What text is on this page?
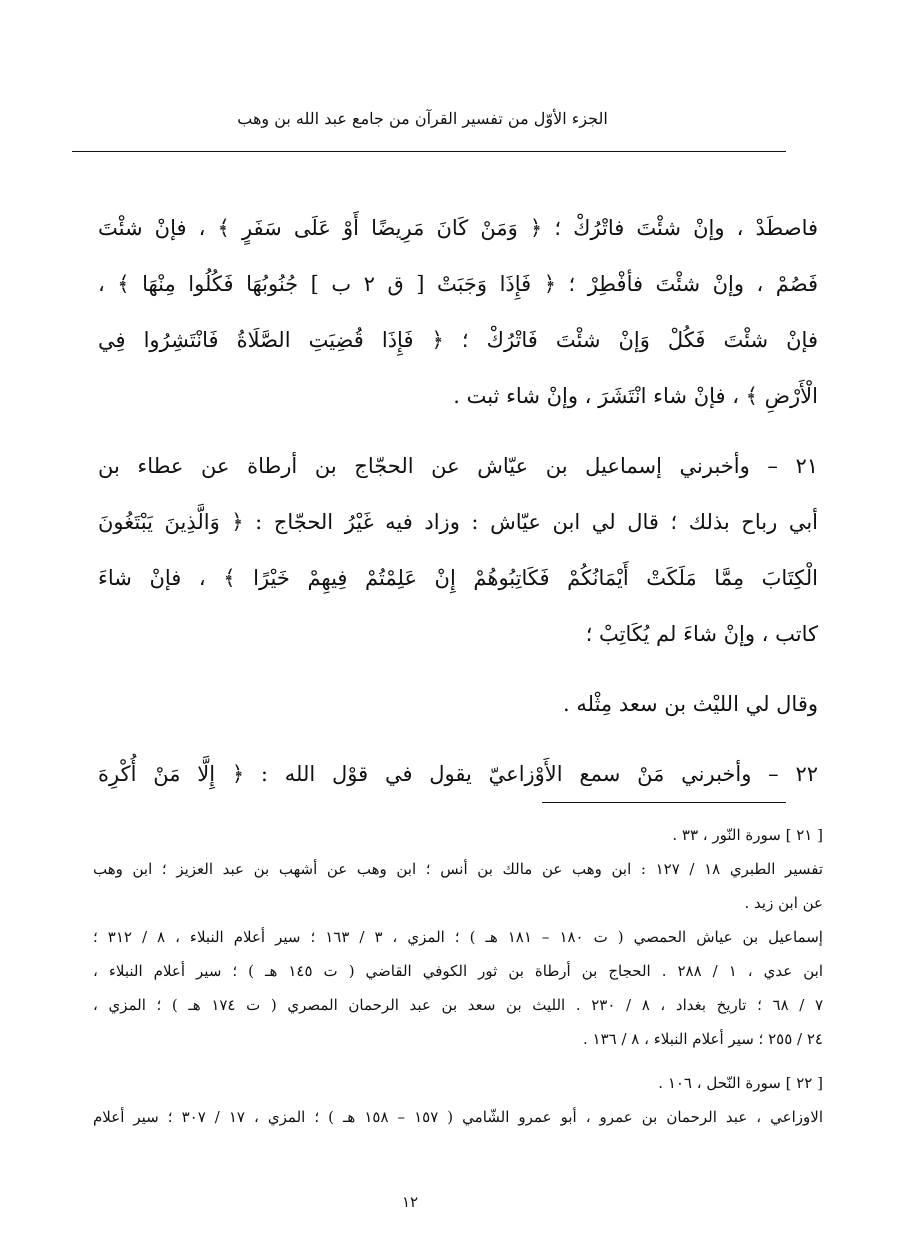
الجزء الأوّل من تفسير القرآن من جامع عبد الله بن وهب
فاصطَدْ ، وإنْ شئْتَ فاتْرُكْ ؛ ﴿ وَمَنْ كَانَ مَرِيضًا أَوْ عَلَى سَفَرٍ ﴾ ، فإنْ شئْتَ
فَصُمْ ، وإنْ شئْتَ فأفْطِرْ ؛ ﴿ فَإِذَا وَجَبَتْ [ ق ٢ ب ] جُنُوبُهَا فَكُلُوا مِنْهَا ﴾ ،
فإنْ شئْتَ فَكُلْ وَإنْ شئْتَ فَاتْرُكْ ؛ ﴿ فَإِذَا قُضِيَتِ الصَّلَاةُ فَانْتَشِرُوا فِي
الْأَرْضِ ﴾ ، فإنْ شاء انْتَشَرَ ، وإنْ شاء ثبت .
٢١ – وأخبرني إسماعيل بن عيّاش عن الحجّاج بن أرطاة عن عطاء بن
أبي رباح بذلك ؛ قال لي ابن عيّاش : وزاد فيه غَيْرُ الحجّاج : ﴿ وَالَّذِينَ يَبْتَغُونَ
الْكِتَابَ مِمَّا مَلَكَتْ أَيْمَانُكُمْ فَكَاتِبُوهُمْ إِنْ عَلِمْتُمْ فِيهِمْ خَيْرًا ﴾ ، فإنْ شاءَ
كاتب ، وإنْ شاءَ لم يُكَاتِبْ ؛
وقال لي الليْث بن سعد مِثْله .
٢٢ – وأخبرني مَنْ سمع الأَوْزاعيّ يقول في قوْل الله : ﴿ إِلَّا مَنْ أُكْرِهَ
[ ٢١ ] سورة النّور ، ٣٣ .
تفسير الطبري ١٨ / ١٢٧ : ابن وهب عن مالك بن أنس ؛ ابن وهب عن أشهب بن عبد العزيز ؛ ابن وهب
عن ابن زيد .
إسماعيل بن عياش الحمصي ( ت ١٨٠ – ١٨١ هـ ) ؛ المزي ، ٣ / ١٦٣ ؛ سير أعلام النبلاء ، ٨ / ٣١٢ ؛
ابن عدي ، ١ / ٢٨٨ . الحجاج بن أرطاة بن ثور الكوفي القاضي ( ت ١٤٥ هـ ) ؛ سير أعلام النبلاء ،
٧ / ٦٨ ؛ تاريخ بغداد ، ٨ / ٢٣٠ . الليث بن سعد بن عبد الرحمان المصري ( ت ١٧٤ هـ ) ؛ المزي ،
٢٤ / ٢٥٥ ؛ سير أعلام النبلاء ، ٨ / ١٣٦ .
[ ٢٢ ] سورة النّحل ، ١٠٦ .
الاوزاعي ، عبد الرحمان بن عمرو ، أبو عمرو الشّامي ( ١٥٧ – ١٥٨ هـ ) ؛ المزي ، ١٧ / ٣٠٧ ؛ سير أعلام
١٢
